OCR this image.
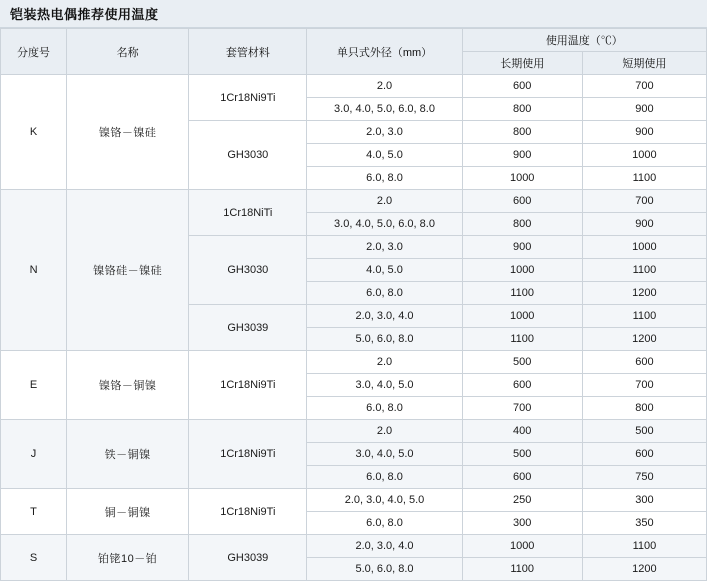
铠装热电偶推荐使用温度
分度号	名称	套管材料	单只式外径（mm）	使用温度（℃）	
				长期使用	短期使用
K	镍铬－镍硅	1Cr18Ni9Ti	2.0	600	700
			3.0, 4.0, 5.0, 6.0, 8.0	800	900
		GH3030	2.0, 3.0	800	900
			4.0, 5.0	900	1000
			6.0, 8.0	1000	1100
N	镍铬硅－镍硅	1Cr18NiTi	2.0	600	700
			3.0, 4.0, 5.0, 6.0, 8.0	800	900
		GH3030	2.0, 3.0	900	1000
			4.0, 5.0	1000	1100
			6.0, 8.0	1100	1200
		GH3039	2.0, 3.0, 4.0	1000	1100
			5.0, 6.0, 8.0	1100	1200
E	镍铬－铜镍	1Cr18Ni9Ti	2.0	500	600
			3.0, 4.0, 5.0	600	700
			6.0, 8.0	700	800
J	铁－铜镍	1Cr18Ni9Ti	2.0	400	500
			3.0, 4.0, 5.0	500	600
			6.0, 8.0	600	750
T	铜－铜镍	1Cr18Ni9Ti	2.0, 3.0, 4.0, 5.0	250	300
			6.0, 8.0	300	350
S	铂铑10－铂	GH3039	2.0, 3.0, 4.0	1000	1100
			5.0, 6.0, 8.0	1100	1200
